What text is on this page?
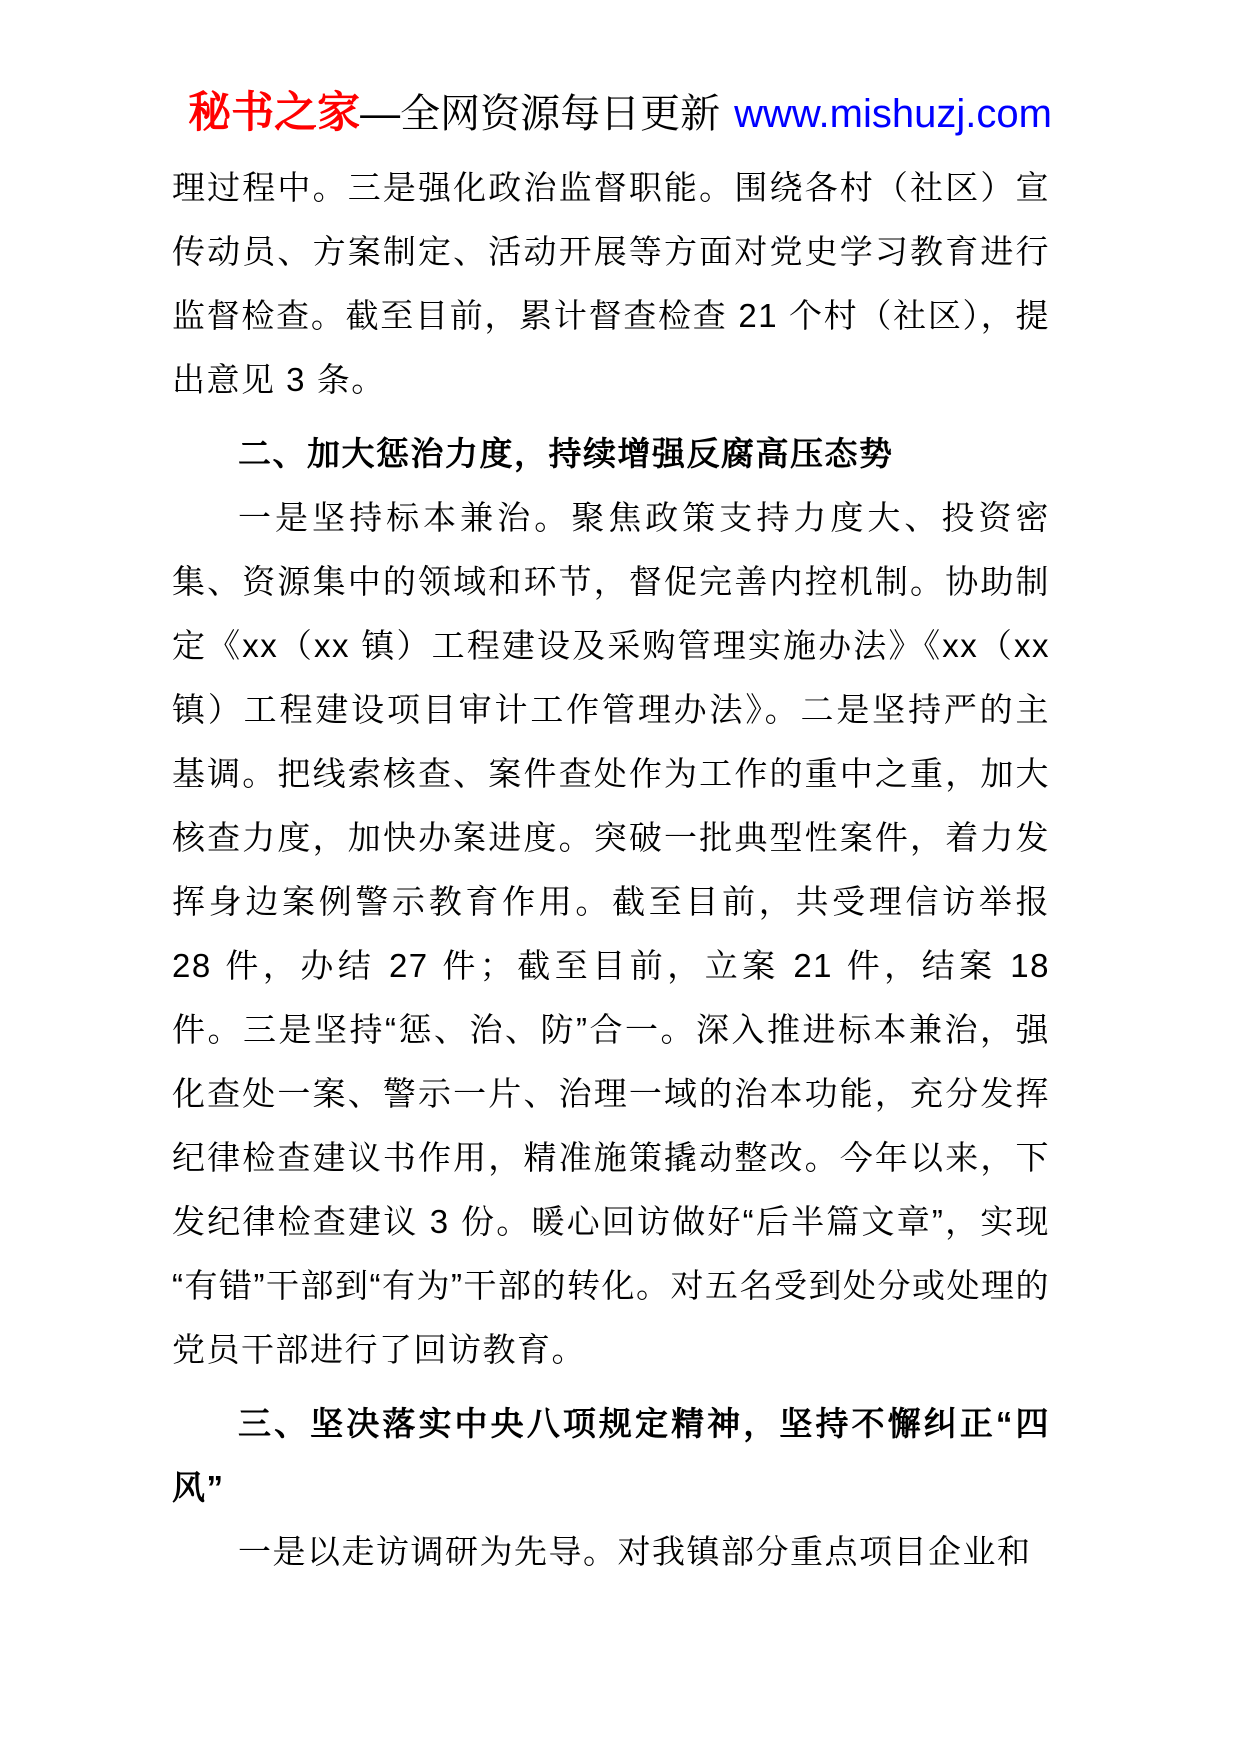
秘书之家—全网资源每日更新 www.mishuzj.com

理过程中。三是强化政治监督职能。围绕各村（社区）宣传动员、方案制定、活动开展等方面对党史学习教育进行监督检查。截至目前，累计督查检查 21 个村（社区），提出意见 3 条。

二、加大惩治力度，持续增强反腐高压态势

一是坚持标本兼治。聚焦政策支持力度大、投资密集、资源集中的领域和环节，督促完善内控机制。协助制定《xx（xx 镇）工程建设及采购管理实施办法》《xx（xx 镇）工程建设项目审计工作管理办法》。二是坚持严的主基调。把线索核查、案件查处作为工作的重中之重，加大核查力度，加快办案进度。突破一批典型性案件，着力发挥身边案例警示教育作用。截至目前，共受理信访举报 28 件，办结 27 件；截至目前，立案 21 件，结案 18 件。三是坚持“惩、治、防”合一。深入推进标本兼治，强化查处一案、警示一片、治理一域的治本功能，充分发挥纪律检查建议书作用，精准施策撬动整改。今年以来，下发纪律检查建议 3 份。暖心回访做好“后半篇文章”，实现“有错”干部到“有为”干部的转化。对五名受到处分或处理的党员干部进行了回访教育。

三、坚决落实中央八项规定精神，坚持不懈纠正“四风”

一是以走访调研为先导。对我镇部分重点项目企业和
